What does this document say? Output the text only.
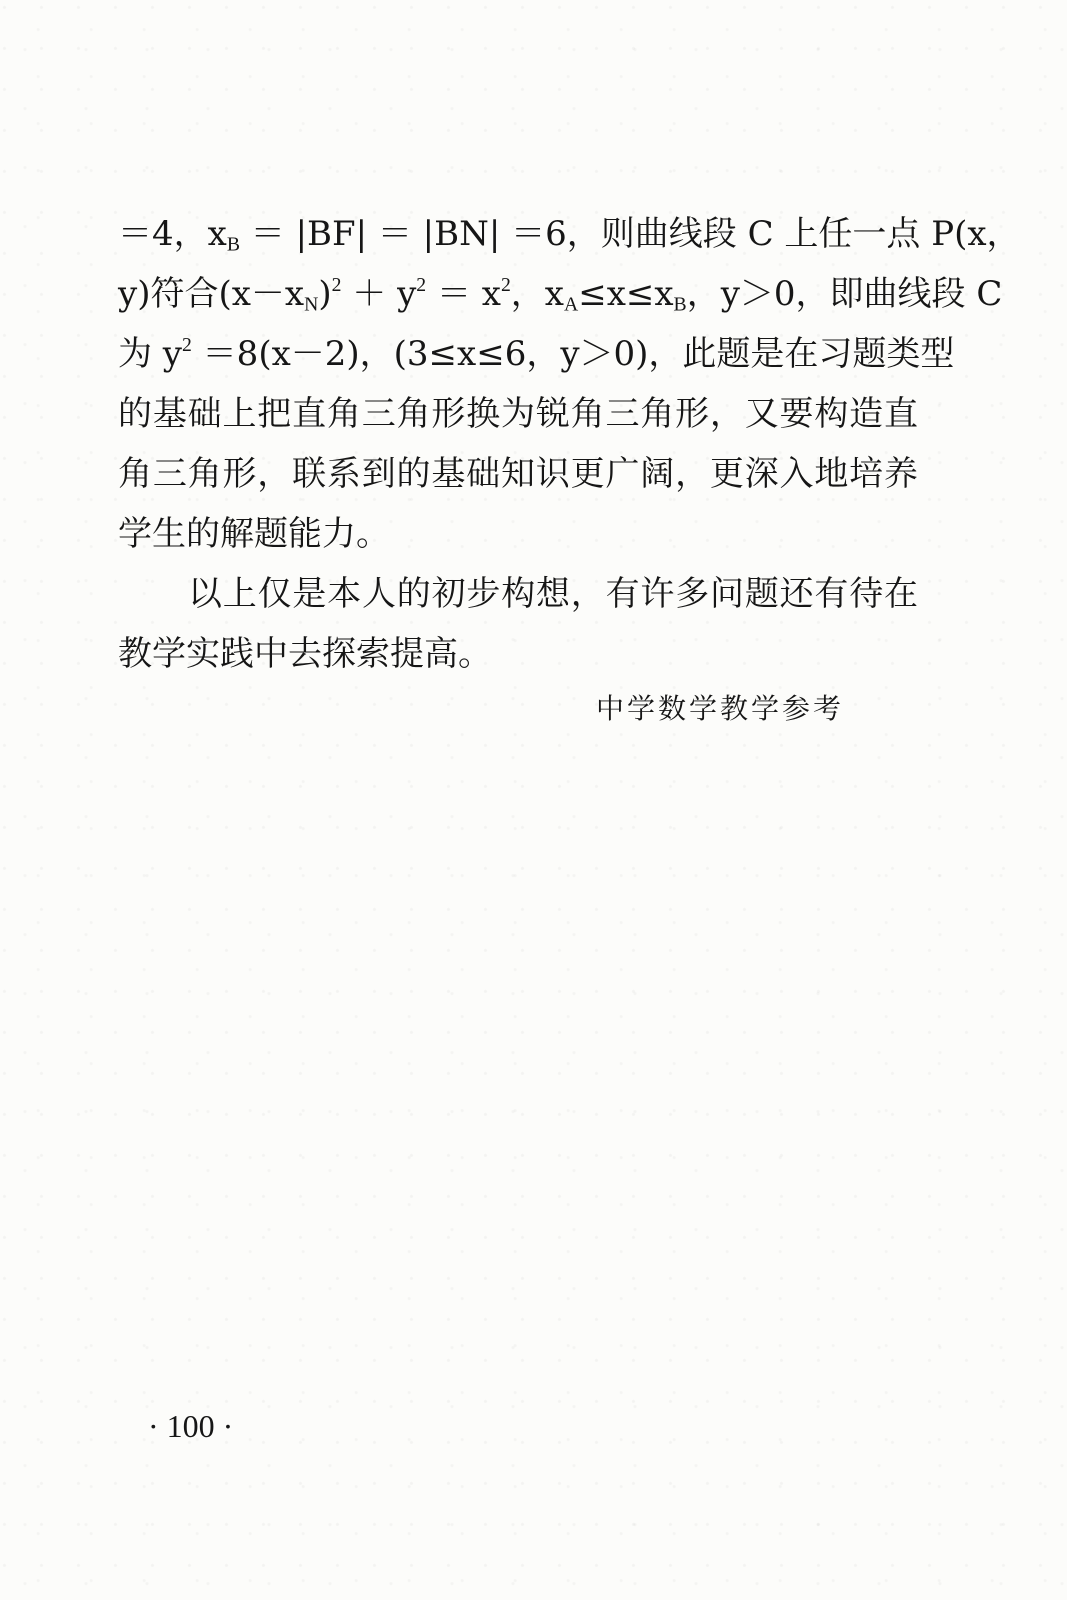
＝4，$x_B = |BF| = |BN| =6$，则曲线段 C 上任一点 P(x，
y)符合$(x-x_N)^2 + y^2 = x^2$，$x_A\le x\le x_B$，y＞0，即曲线段 C
为 $y^2 =8(x-2)$，(3≤x≤6，y＞0)，此题是在习题类型
的基础上把直角三角形换为锐角三角形，又要构造直
角三角形，联系到的基础知识更广阔，更深入地培养
学生的解题能力。
以上仅是本人的初步构想，有许多问题还有待在
教学实践中去探索提高。
中学数学教学参考
· 100 ·
